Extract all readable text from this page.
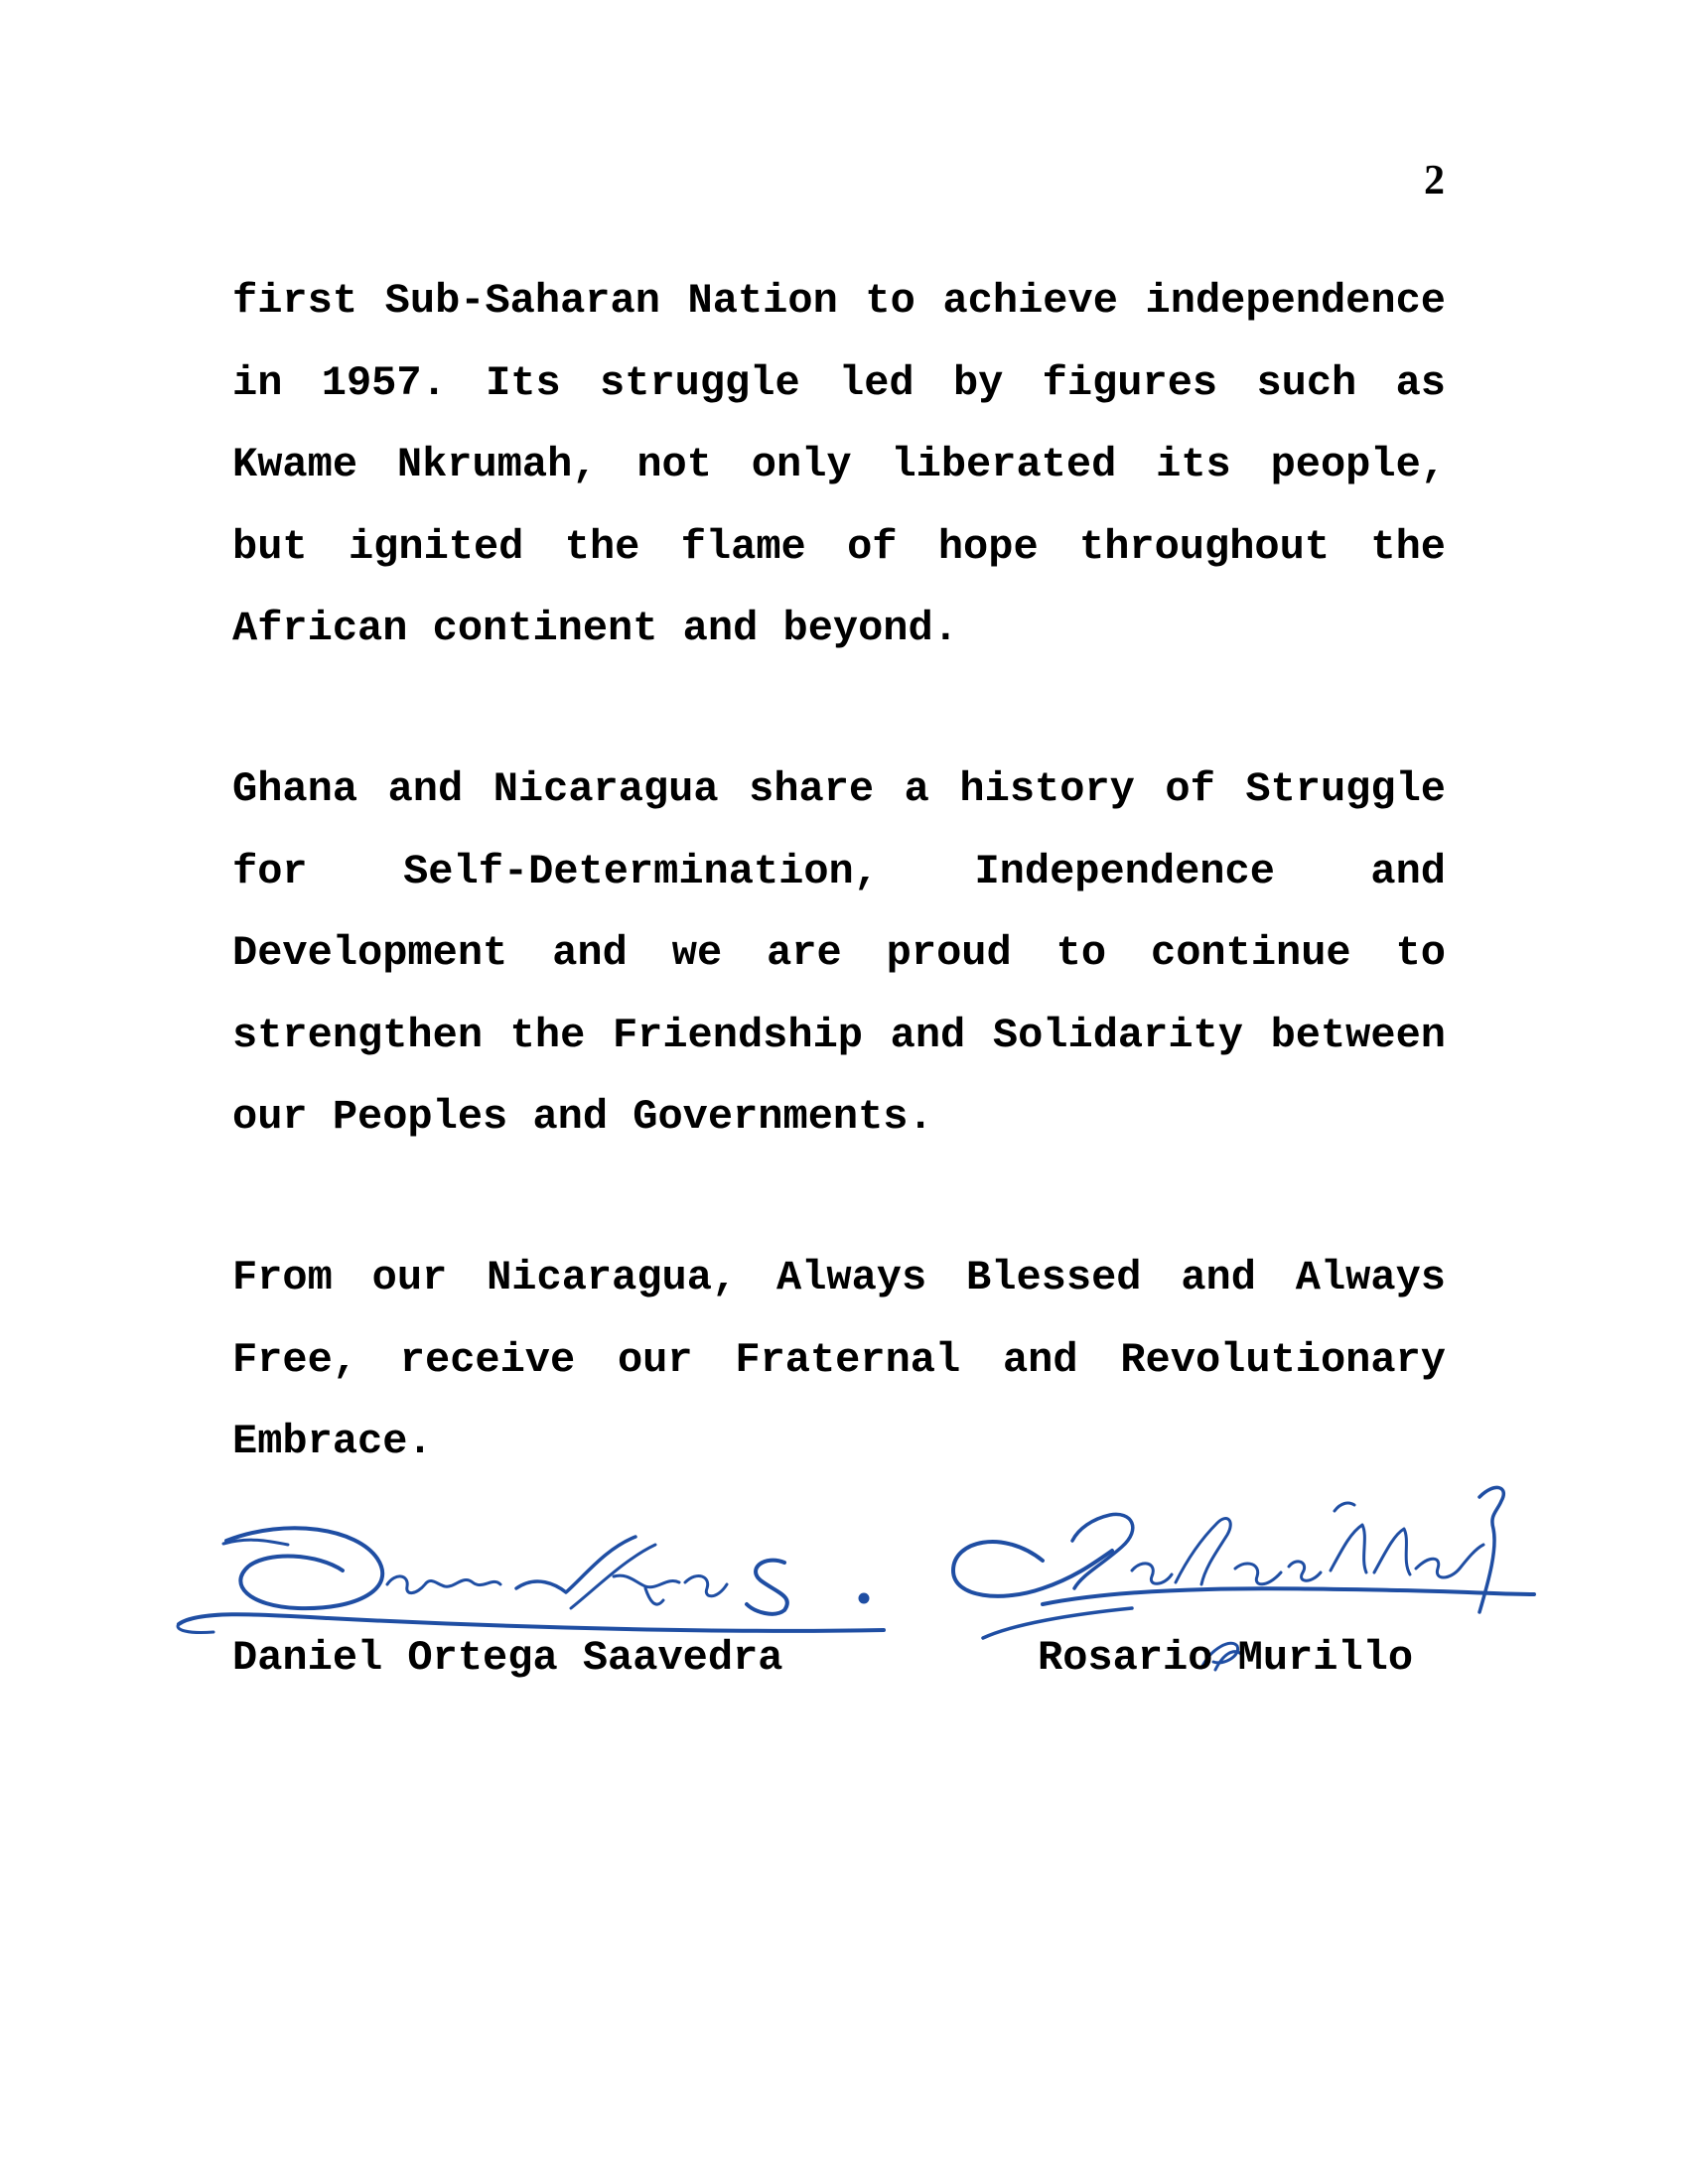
2

first Sub-Saharan Nation to achieve independence in 1957. Its struggle led by figures such as Kwame Nkrumah, not only liberated its people, but ignited the flame of hope throughout the African continent and beyond.

Ghana and Nicaragua share a history of Struggle for Self-Determination, Independence and Development and we are proud to continue to strengthen the Friendship and Solidarity between our Peoples and Governments.

From our Nicaragua, Always Blessed and Always Free, receive our Fraternal and Revolutionary Embrace.

Daniel Ortega Saavedra	Rosario Murillo
